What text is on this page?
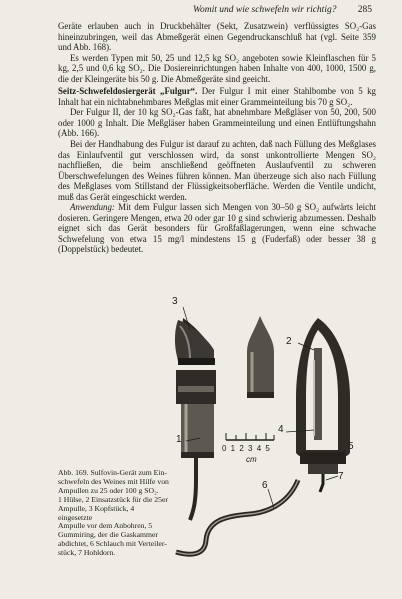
Womit und wie schwefeln wir richtig? 285

Geräte erlauben auch in Druckbehälter (Sekt, Zusatzwein) verflüssigtes SO₂-Gas hineinzubringen, weil das Abmeßgerät einen Gegendruckanschluß hat (vgl. Seite 359 und Abb. 168).

Es werden Typen mit 50, 25 und 12,5 kg SO₂ angeboten sowie Kleinflaschen für 5 kg, 2,5 und 0,6 kg SO₂. Die Dosiereinrichtungen haben Inhalte von 400, 1000, 1500 g, die der Kleingeräte bis 50 g. Die Abmeßgeräte sind geeicht.

Seitz-Schwefeldosiergerät „Fulgur“. Der Fulgur I mit einer Stahlbombe von 5 kg Inhalt hat ein nichtabnehmbares Meßglas mit einer Grammeinteilung bis 70 g SO₂.

Der Fulgur II, der 10 kg SO₂-Gas faßt, hat abnehmbare Meßgläser von 50, 200, 500 oder 1000 g Inhalt. Die Meßgläser haben Grammeinteilung und einen Entlüftungshahn (Abb. 166).

Bei der Handhabung des Fulgur ist darauf zu achten, daß nach Füllung des Meßglases das Einlaufventil gut verschlossen wird, da sonst unkontrollierte Mengen SO₂ nachfließen, die beim anschließend geöffneten Auslaufventil zu schweren Überschwefelungen des Weines führen können. Man überzeuge sich also nach Füllung des Meßglases vom Stillstand der Flüssigkeitsoberfläche. Werden die Ventile undicht, muß das Gerät eingeschickt werden.

Anwendung: Mit dem Fulgur lassen sich Mengen von 30–50 g SO₂ aufwärts leicht dosieren. Geringere Mengen, etwa 20 oder gar 10 g sind schwierig abzumessen. Deshalb eignet sich das Gerät besonders für Großfaßlagerungen, wenn eine schwache Schwefelung von etwa 15 mg/l mindestens 15 g (Fuderfaß) oder besser 38 g (Doppelstück) bedeutet.

3
2
1
4
5
6
7
0 1 2 3 4 5
cm
Abb. 169. Sulfovin-Gerät zum Ein-
schwefeln des Weines mit Hilfe von
Ampullen zu 25 oder 100 g SO₂.
1 Hülse, 2 Einsatzstück für die 25er
Ampulle, 3 Kopfstück, 4 eingesetzte
Ampulle vor dem Anbohren, 5
Gummiring, der die Gaskammer
abdichtet, 6 Schlauch mit Verteiler-
stück, 7 Hohldorn.
